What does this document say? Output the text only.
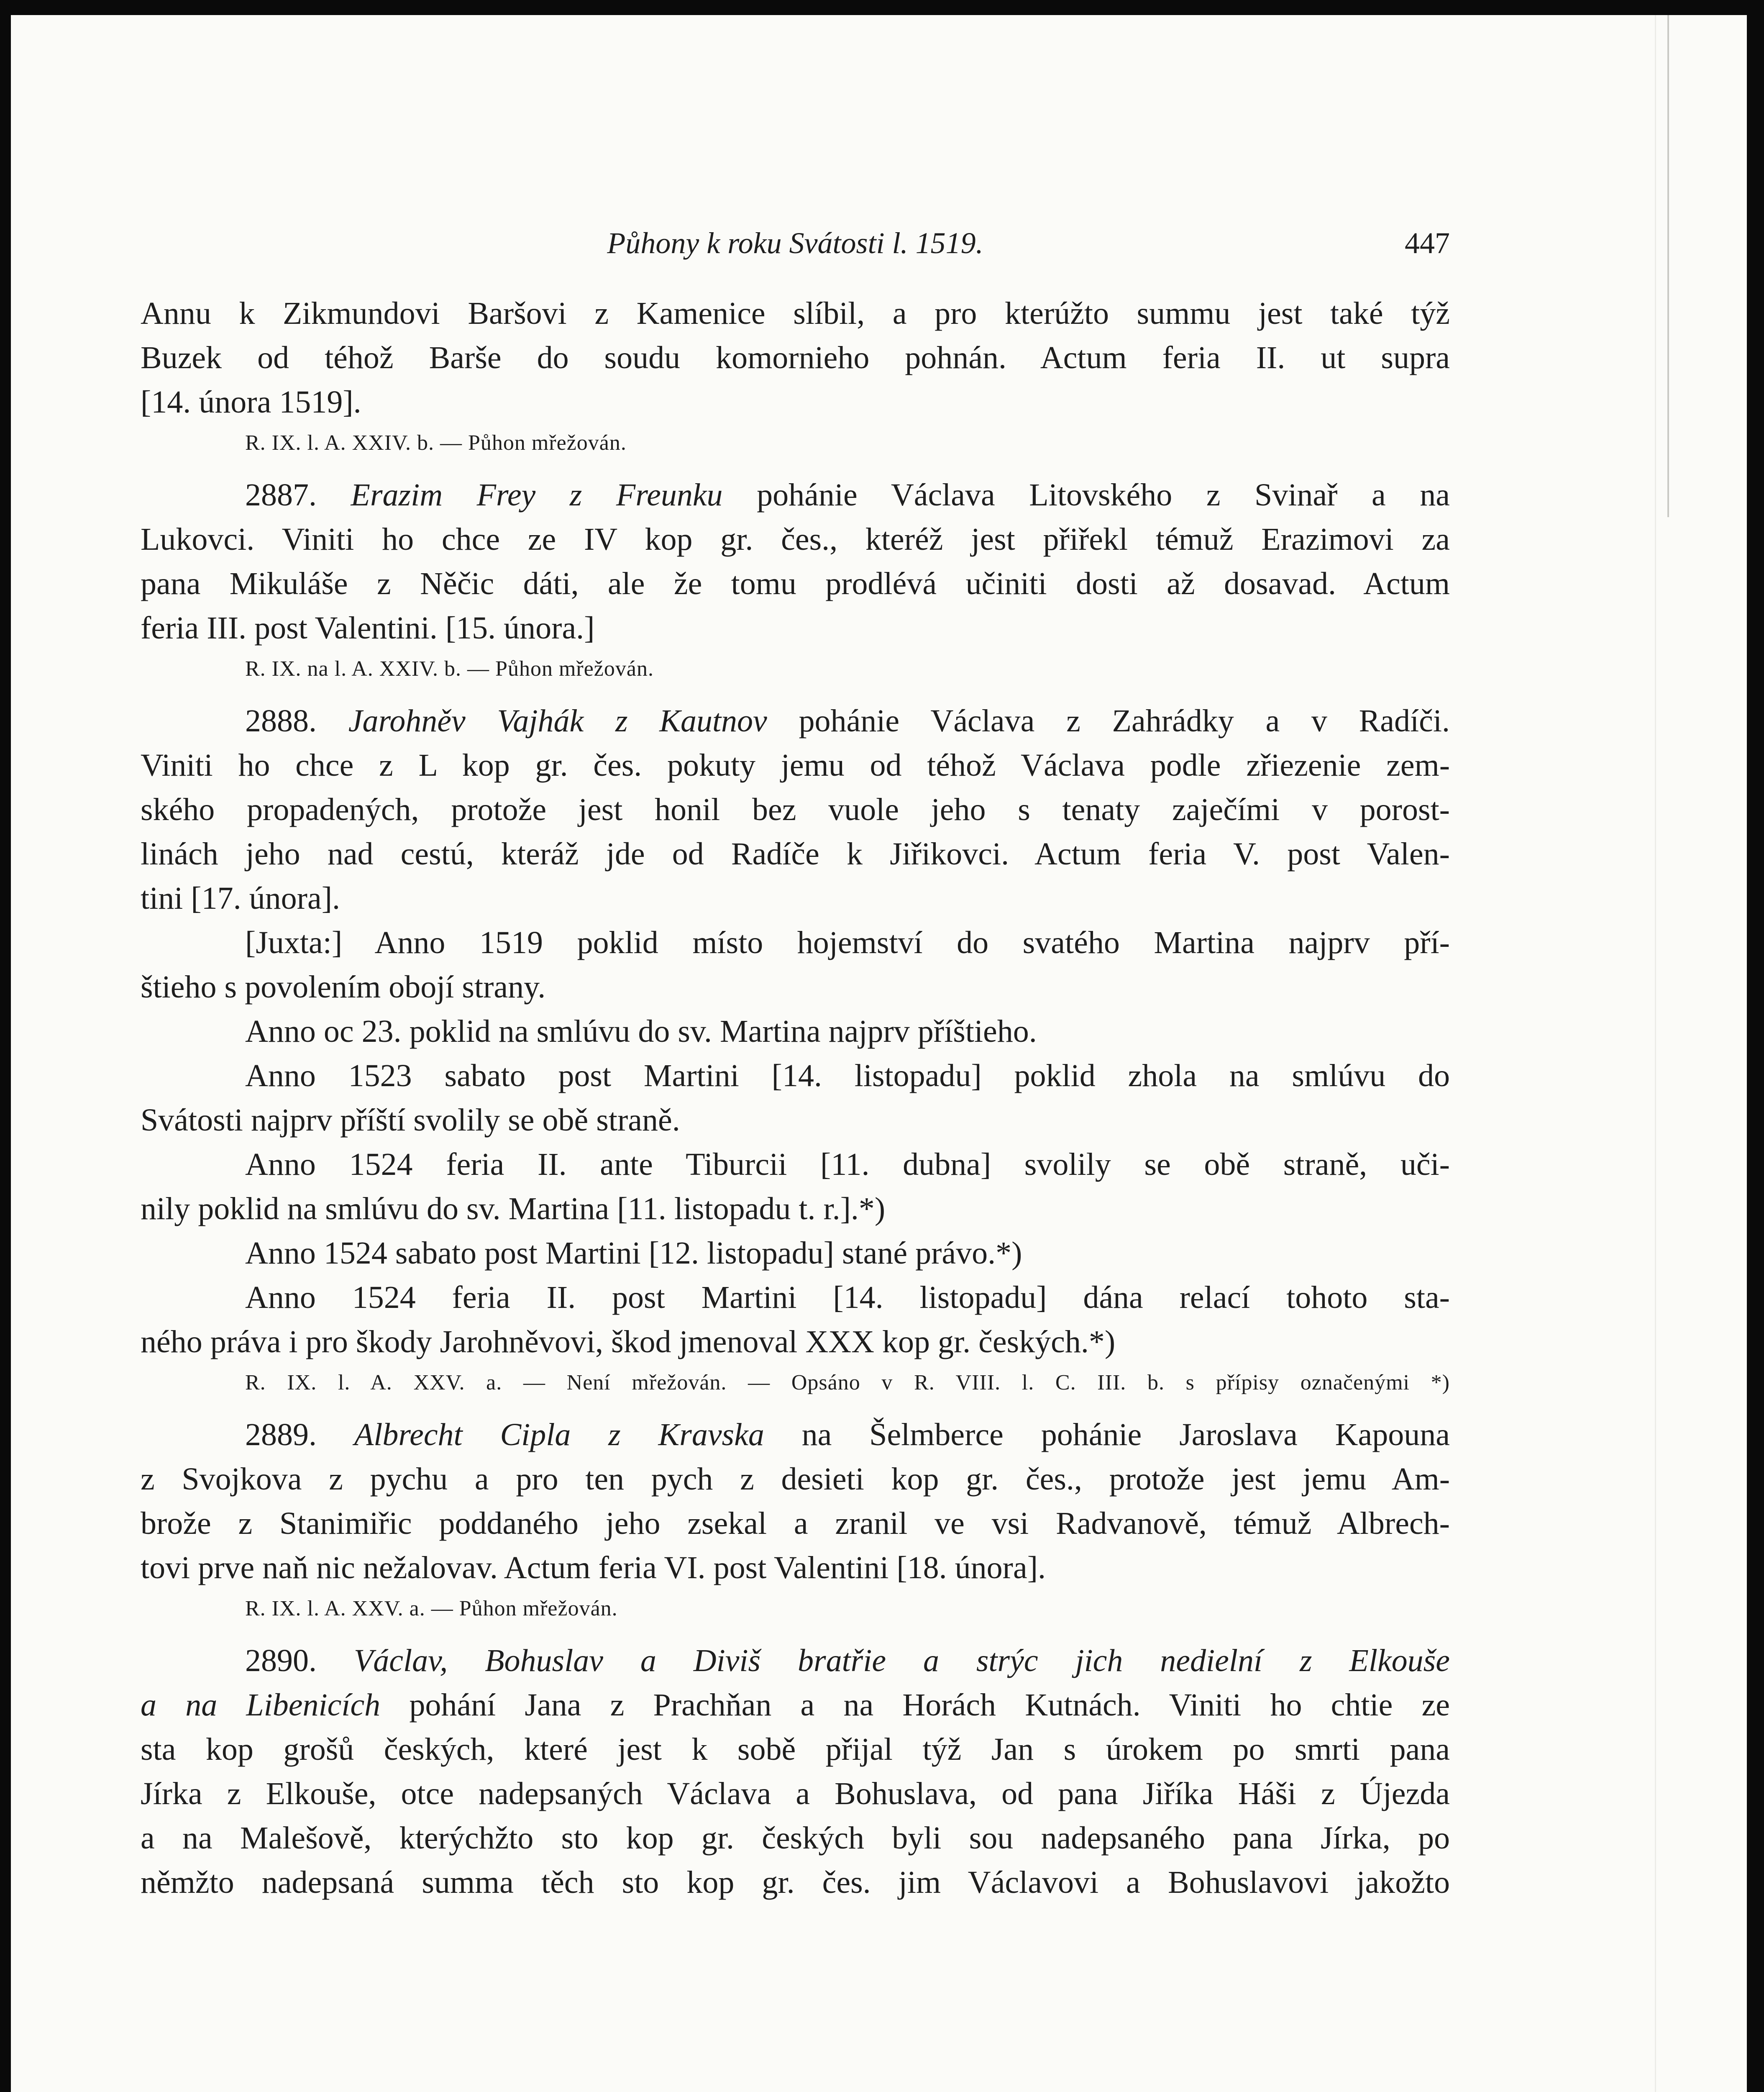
Půhony k roku Svátosti l. 1519.	447
Annu k Zikmundovi Baršovi z Kamenice slíbil, a pro kterúžto summu jest také týž
Buzek od téhož Barše do soudu komornieho pohnán. Actum feria II. ut supra
[14. února 1519].
R. IX. l. A. XXIV. b. — Půhon mřežován.
2887. Erazim Frey z Freunku pohánie Václava Litovského z Svinař a na
Lukovci. Viniti ho chce ze IV kop gr. čes., kteréž jest přiřekl témuž Erazimovi za
pana Mikuláše z Něčic dáti, ale že tomu prodlévá učiniti dosti až dosavad. Actum
feria III. post Valentini. [15. února.]
R. IX. na l. A. XXIV. b. — Půhon mřežován.
2888. Jarohněv Vajhák z Kautnov pohánie Václava z Zahrádky a v Radíči.
Viniti ho chce z L kop gr. čes. pokuty jemu od téhož Václava podle zřiezenie zem-
ského propadených, protože jest honil bez vuole jeho s tenaty zaječími v porost-
linách jeho nad cestú, kteráž jde od Radíče k Jiřikovci. Actum feria V. post Valen-
tini [17. února].
[Juxta:] Anno 1519 poklid místo hojemství do svatého Martina najprv pří-
štieho s povolením obojí strany.
Anno oc 23. poklid na smlúvu do sv. Martina najprv příštieho.
Anno 1523 sabato post Martini [14. listopadu] poklid zhola na smlúvu do
Svátosti najprv příští svolily se obě straně.
Anno 1524 feria II. ante Tiburcii [11. dubna] svolily se obě straně, uči-
nily poklid na smlúvu do sv. Martina [11. listopadu t. r.].*)
Anno 1524 sabato post Martini [12. listopadu] stané právo.*)
Anno 1524 feria II. post Martini [14. listopadu] dána relací tohoto sta-
ného práva i pro škody Jarohněvovi, škod jmenoval XXX kop gr. českých.*)
R. IX. l. A. XXV. a. — Není mřežován. — Opsáno v R. VIII. l. C. III. b. s přípisy označenými *)
2889. Albrecht Cipla z Kravska na Šelmberce pohánie Jaroslava Kapouna
z Svojkova z pychu a pro ten pych z desieti kop gr. čes., protože jest jemu Am-
brože z Stanimiřic poddaného jeho zsekal a zranil ve vsi Radvanově, témuž Albrech-
tovi prve naň nic nežalovav. Actum feria VI. post Valentini [18. února].
R. IX. l. A. XXV. a. — Půhon mřežován.
2890. Václav, Bohuslav a Diviš bratřie a strýc jich nedielní z Elkouše
a na Libenicích pohání Jana z Prachňan a na Horách Kutnách. Viniti ho chtie ze
sta kop grošů českých, které jest k sobě přijal týž Jan s úrokem po smrti pana
Jírka z Elkouše, otce nadepsaných Václava a Bohuslava, od pana Jiříka Háši z Újezda
a na Malešově, kterýchžto sto kop gr. českých byli sou nadepsaného pana Jírka, po
němžto nadepsaná summa těch sto kop gr. čes. jim Václavovi a Bohuslavovi jakožto
